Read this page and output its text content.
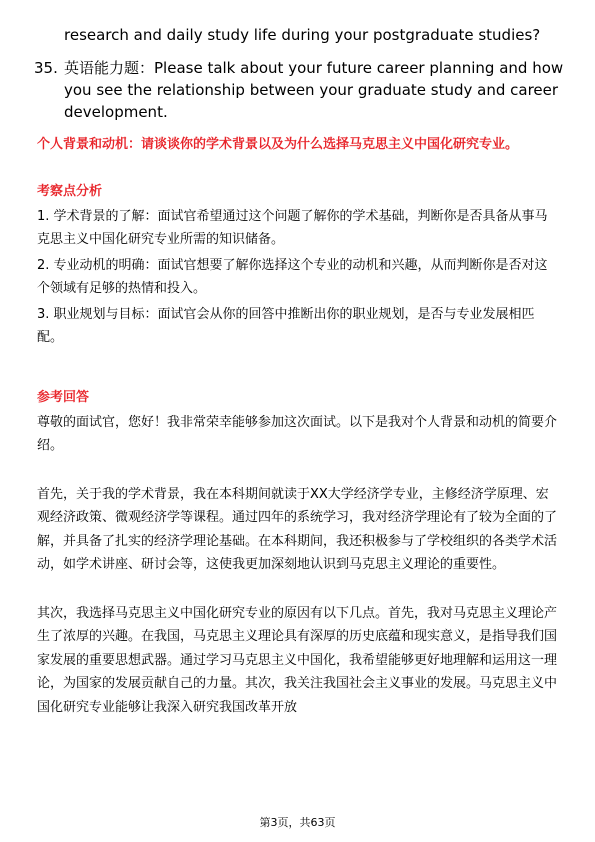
research and daily study life during your postgraduate studies?
35. 英语能力题：Please talk about your future career planning and how you see the relationship between your graduate study and career development.
个人背景和动机：请谈谈你的学术背景以及为什么选择马克思主义中国化研究专业。
考察点分析

1. 学术背景的了解：面试官希望通过这个问题了解你的学术基础，判断你是否具备从事马克思主义中国化研究专业所需的知识储备。

2. 专业动机的明确：面试官想要了解你选择这个专业的动机和兴趣，从而判断你是否对这个领域有足够的热情和投入。

3. 职业规划与目标：面试官会从你的回答中推断出你的职业规划，是否与专业发展相匹配。

参考回答

尊敬的面试官，您好！我非常荣幸能够参加这次面试。以下是我对个人背景和动机的简要介绍。

首先，关于我的学术背景，我在本科期间就读于XX大学经济学专业，主修经济学原理、宏观经济政策、微观经济学等课程。通过四年的系统学习，我对经济学理论有了较为全面的了解，并具备了扎实的经济学理论基础。在本科期间，我还积极参与了学校组织的各类学术活动，如学术讲座、研讨会等，这使我更加深刻地认识到马克思主义理论的重要性。

其次，我选择马克思主义中国化研究专业的原因有以下几点。首先，我对马克思主义理论产生了浓厚的兴趣。在我国，马克思主义理论具有深厚的历史底蕴和现实意义，是指导我们国家发展的重要思想武器。通过学习马克思主义中国化，我希望能够更好地理解和运用这一理论，为国家的发展贡献自己的力量。其次，我关注我国社会主义事业的发展。马克思主义中国化研究专业能够让我深入研究我国改革开放

第3页，共63页
